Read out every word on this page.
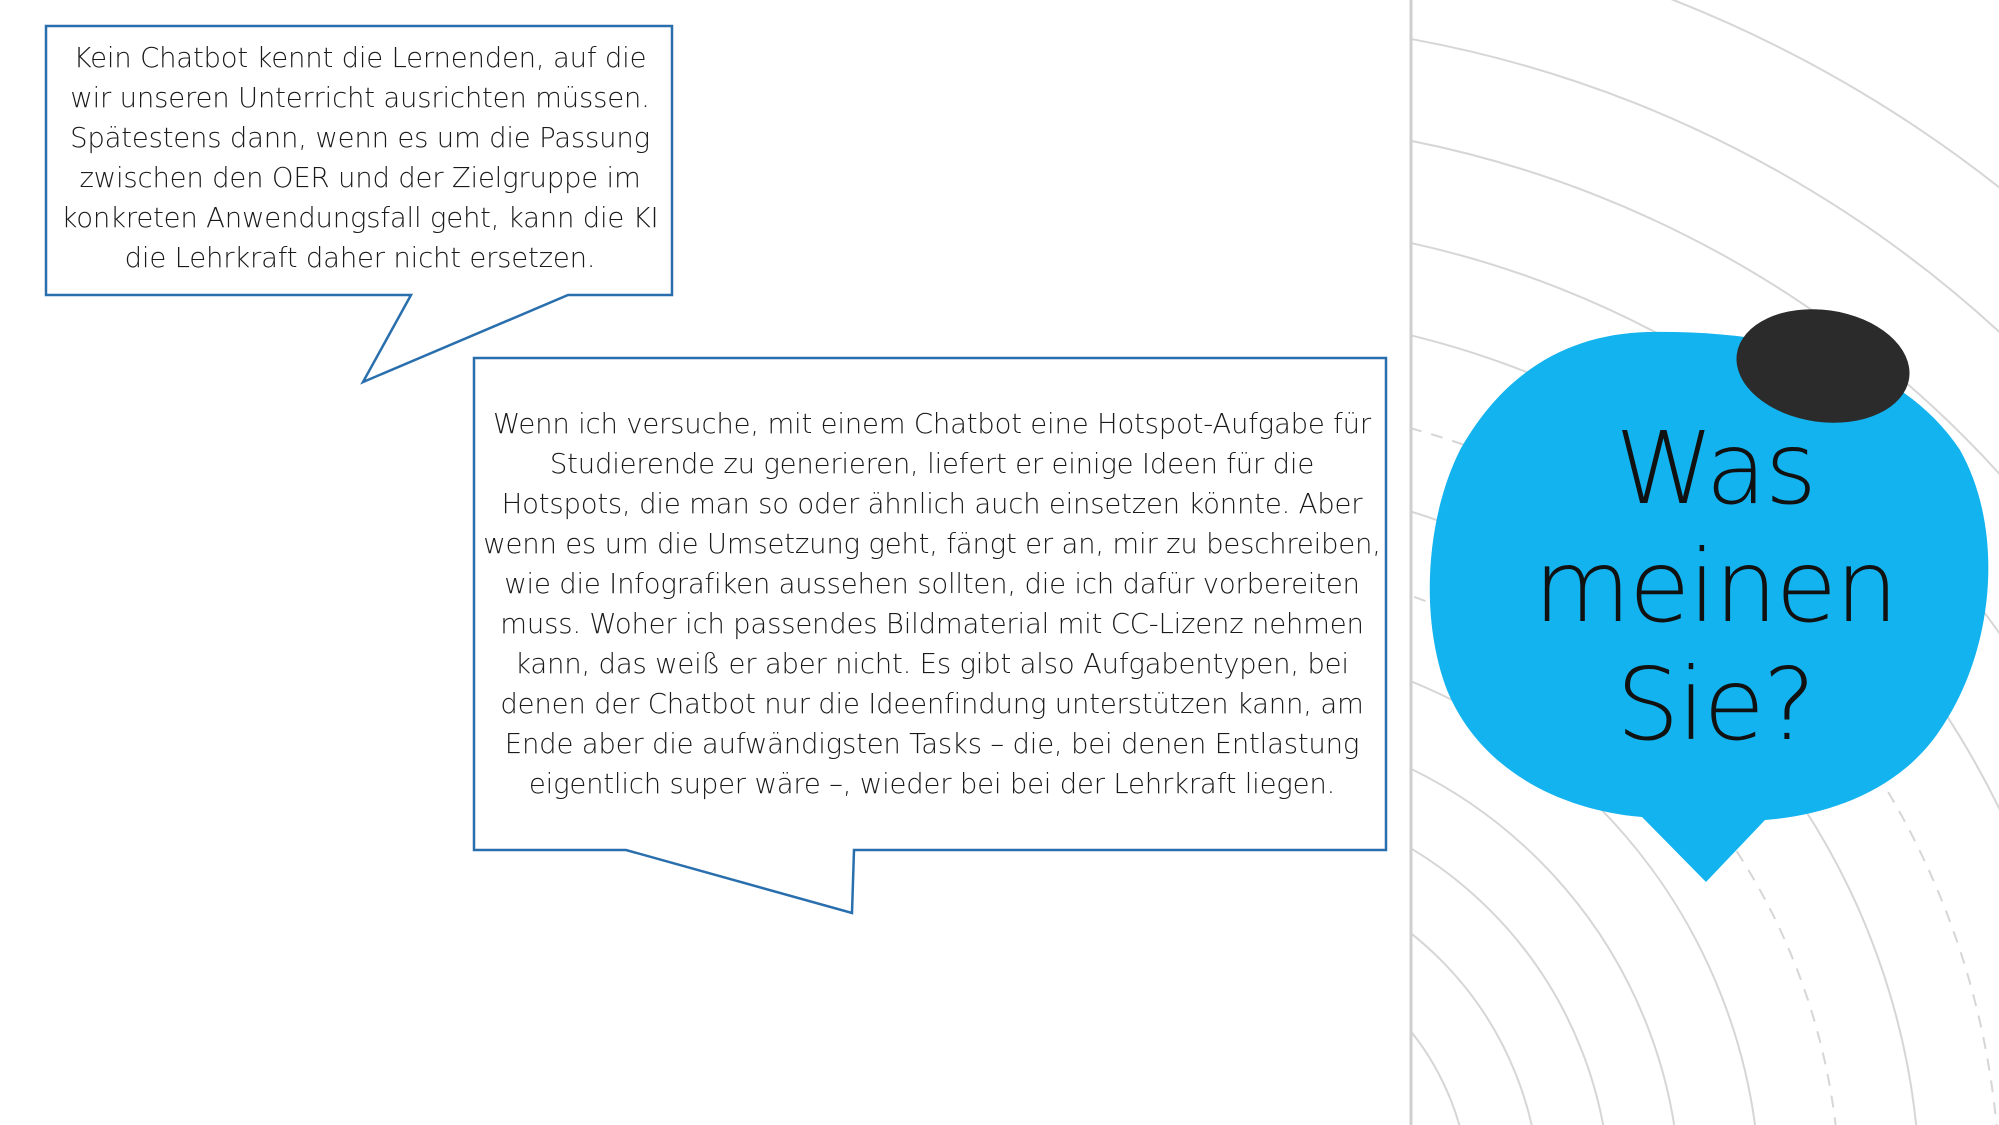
Kein Chatbot kennt die Lernenden, auf die
wir unseren Unterricht ausrichten müssen.
Spätestens dann, wenn es um die Passung
zwischen den OER und der Zielgruppe im
konkreten Anwendungsfall geht, kann die KI
die Lehrkraft daher nicht ersetzen.
Wenn ich versuche, mit einem Chatbot eine Hotspot-Aufgabe für
Studierende zu generieren, liefert er einige Ideen für die
Hotspots, die man so oder ähnlich auch einsetzen könnte. Aber
wenn es um die Umsetzung geht, fängt er an, mir zu beschreiben,
wie die Infografiken aussehen sollten, die ich dafür vorbereiten
muss. Woher ich passendes Bildmaterial mit CC-Lizenz nehmen
kann, das weiß er aber nicht. Es gibt also Aufgabentypen, bei
denen der Chatbot nur die Ideenfindung unterstützen kann, am
Ende aber die aufwändigsten Tasks – die, bei denen Entlastung
eigentlich super wäre –, wieder bei bei der Lehrkraft liegen.
Was
meinen
Sie?
